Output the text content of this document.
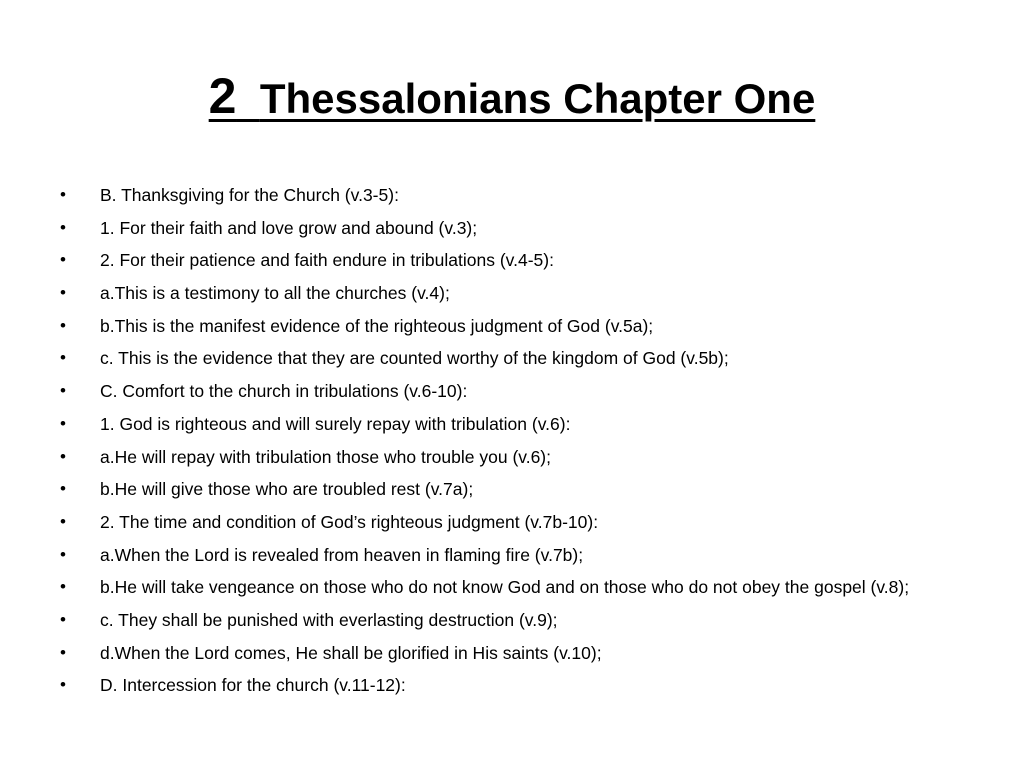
2 Thessalonians Chapter One
•	B. Thanksgiving for the Church (v.3-5):
•	1. For their faith and love grow and abound (v.3);
•	2. For their patience and faith endure in tribulations (v.4-5):
•	a.This is a testimony to all the churches (v.4);
•	b.This is the manifest evidence of the righteous judgment of God (v.5a);
•	c. This is the evidence that they are counted worthy of the kingdom of God (v.5b);
•	C. Comfort to the church in tribulations (v.6-10):
•	1. God is righteous and will surely repay with tribulation (v.6):
•	a.He will repay with tribulation those who trouble you (v.6);
•	b.He will give those who are troubled rest (v.7a);
•	2. The time and condition of God’s righteous judgment (v.7b-10):
•	a.When the Lord is revealed from heaven in flaming fire (v.7b);
•	b.He will take vengeance on those who do not know God and on those who do not obey the gospel (v.8);
•	c. They shall be punished with everlasting destruction (v.9);
•	d.When the Lord comes, He shall be glorified in His saints (v.10);
•	D. Intercession for the church (v.11-12):
